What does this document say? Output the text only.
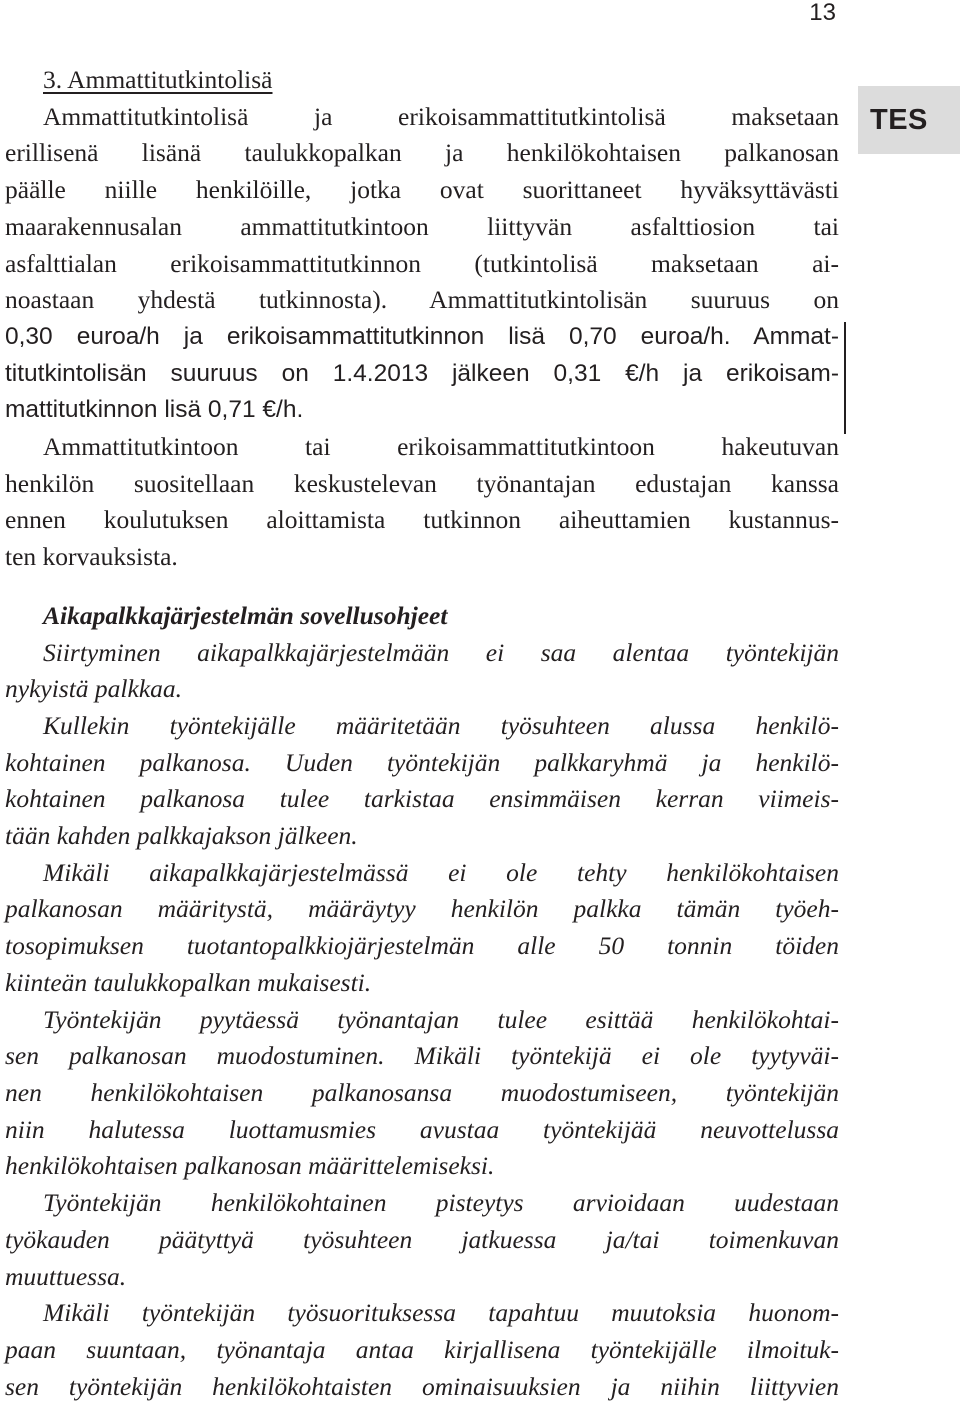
13
TES
3. Ammattitutkintolisä
Ammattitutkintolisä ja erikoisammattitutkintolisä maksetaan
erillisenä lisänä taulukkopalkan ja henkilökohtaisen palkanosan
päälle niille henkilöille, jotka ovat suorittaneet hyväksyttävästi
maarakennusalan ammattitutkintoon liittyvän asfalttiosion tai
asfalttialan erikoisammattitutkinnon (tutkintolisä maksetaan ai-
noastaan yhdestä tutkinnosta). Ammattitutkintolisän suuruus on
0,30 euroa/h ja erikoisammattitutkinnon lisä 0,70 euroa/h. Ammat-
titutkintolisän suuruus on 1.4.2013 jälkeen 0,31 €/h ja erikoisam-
mattitutkinnon lisä 0,71 €/h.
Ammattitutkintoon tai erikoisammattitutkintoon hakeutuvan
henkilön suositellaan keskustelevan työnantajan edustajan kanssa
ennen koulutuksen aloittamista tutkinnon aiheuttamien kustannus-
ten korvauksista.
Aikapalkkajärjestelmän sovellusohjeet
Siirtyminen aikapalkkajärjestelmään ei saa alentaa työntekijän
nykyistä palkkaa.
Kullekin työntekijälle määritetään työsuhteen alussa henkilö-
kohtainen palkanosa. Uuden työntekijän palkkaryhmä ja henkilö-
kohtainen palkanosa tulee tarkistaa ensimmäisen kerran viimeis-
tään kahden palkkajakson jälkeen.
Mikäli aikapalkkajärjestelmässä ei ole tehty henkilökohtaisen
palkanosan määritystä, määräytyy henkilön palkka tämän työeh-
tosopimuksen tuotantopalkkiojärjestelmän alle 50 tonnin töiden
kiinteän taulukkopalkan mukaisesti.
Työntekijän pyytäessä työnantajan tulee esittää henkilökohtai-
sen palkanosan muodostuminen. Mikäli työntekijä ei ole tyytyväi-
nen henkilökohtaisen palkanosansa muodostumiseen, työntekijän
niin halutessa luottamusmies avustaa työntekijää neuvottelussa
henkilökohtaisen palkanosan määrittelemiseksi.
Työntekijän henkilökohtainen pisteytys arvioidaan uudestaan
työkauden päätyttyä työsuhteen jatkuessa ja/tai toimenkuvan
muuttuessa.
Mikäli työntekijän työsuorituksessa tapahtuu muutoksia huonom-
paan suuntaan, työnantaja antaa kirjallisena työntekijälle ilmoituk-
sen työntekijän henkilökohtaisten ominaisuuksien ja niihin liittyvien
